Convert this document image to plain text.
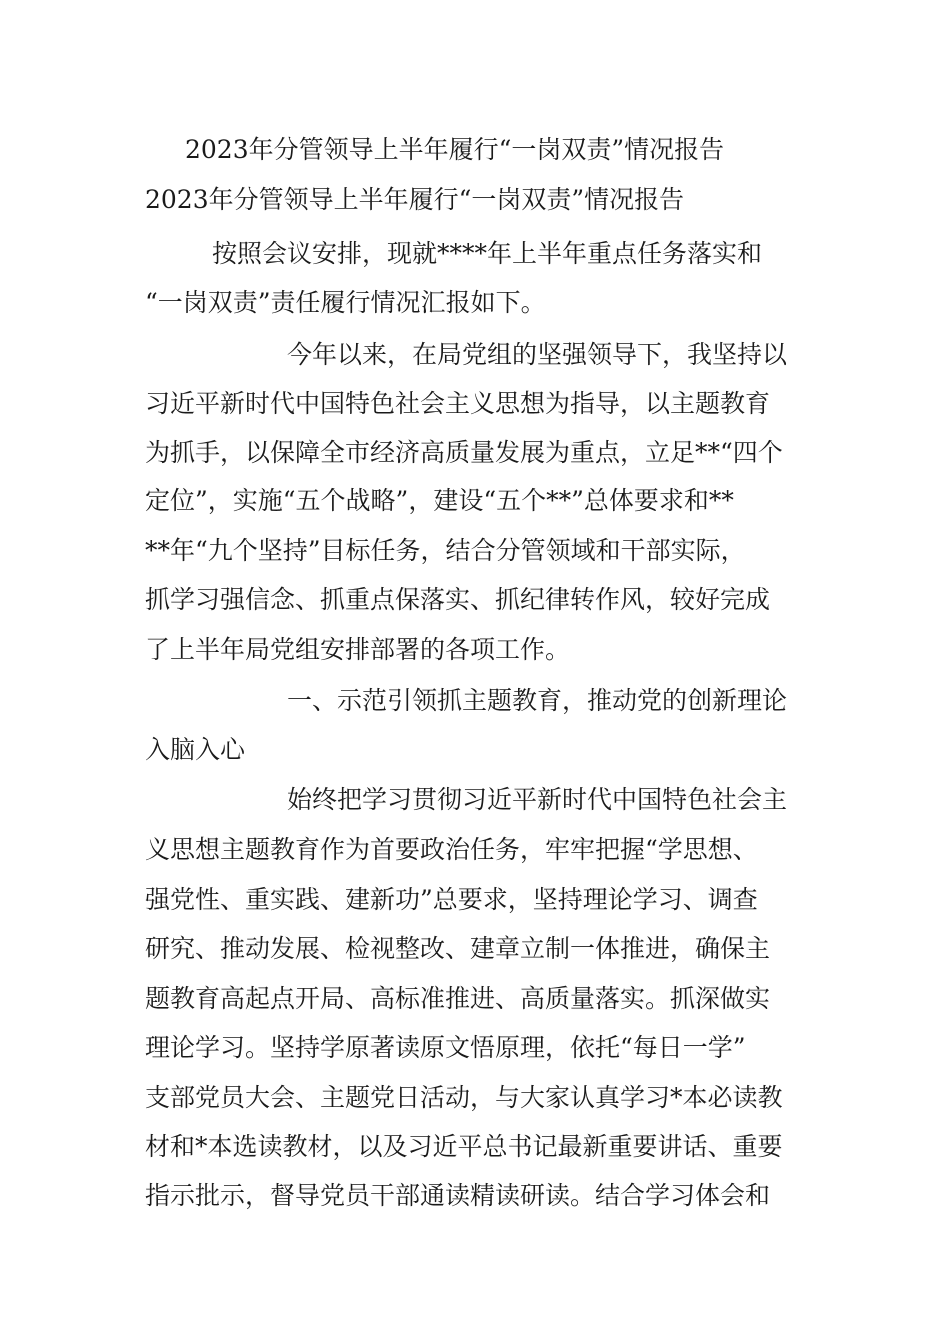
2023年分管领导上半年履行“一岗双责”情况报告
2023年分管领导上半年履行“一岗双责”情况报告
按照会议安排，现就****年上半年重点任务落实和
“一岗双责”责任履行情况汇报如下。
今年以来，在局党组的坚强领导下，我坚持以
习近平新时代中国特色社会主义思想为指导，以主题教育
为抓手，以保障全市经济高质量发展为重点，立足**“四个
定位”，实施“五个战略”，建设“五个**”总体要求和**
**年“九个坚持”目标任务，结合分管领域和干部实际，
抓学习强信念、抓重点保落实、抓纪律转作风，较好完成
了上半年局党组安排部署的各项工作。
一、示范引领抓主题教育，推动党的创新理论
入脑入心
始终把学习贯彻习近平新时代中国特色社会主
义思想主题教育作为首要政治任务，牢牢把握“学思想、
强党性、重实践、建新功”总要求，坚持理论学习、调查
研究、推动发展、检视整改、建章立制一体推进，确保主
题教育高起点开局、高标准推进、高质量落实。抓深做实
理论学习。坚持学原著读原文悟原理，依托“每日一学”
支部党员大会、主题党日活动，与大家认真学习*本必读教
材和*本选读教材，以及习近平总书记最新重要讲话、重要
指示批示，督导党员干部通读精读研读。结合学习体会和
